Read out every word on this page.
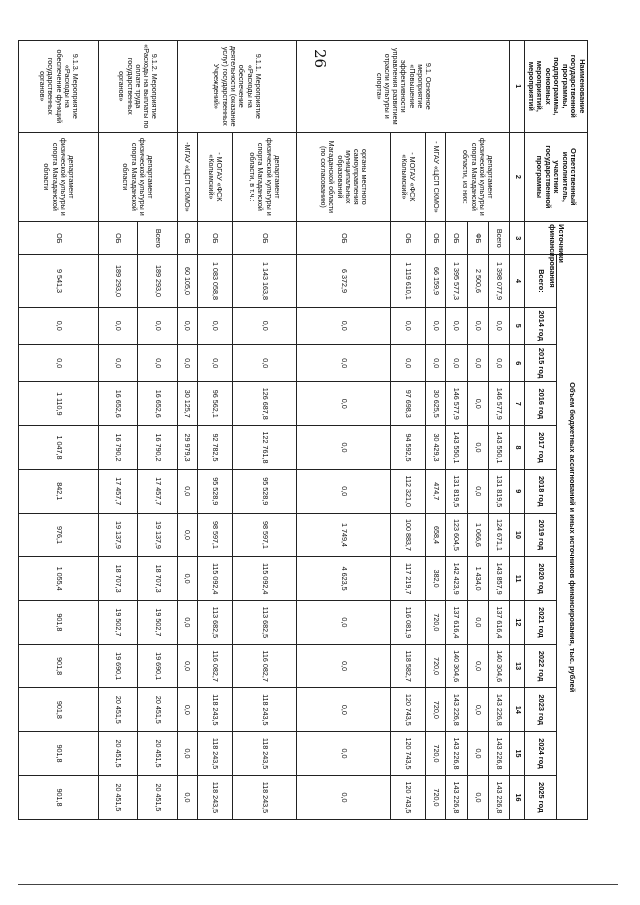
26
Наименование государственной программы, подпрограммы, основных мероприятий, мероприятий	Ответственный исполнитель, участник государственной программы	Источники финансирования	Объем бюджетных ассигнований и иных источников финансирования, тыс. рублей												
			Всего:	2014 год	2015 год	2016 год	2017 год	2018 год	2019 год	2020 год	2021 год	2022 год	2023 год	2024 год	2025 год
1	2	3	4	5	6	7	8	9	10	11	12	13	14	15	16
9.1. Основное мероприятие «Повышение эффективности управления развитием отрасли культуры и спорта»	департамент физической культуры и спорта Магаданской области, из них:	Всего	1 398 077,9	0,0	0,0	146 577,9	143 550,1	131 819,5	124 671,1	143 857,9	137 616,4	140 304,6	143 226,8	143 226,8	143 226,8
		ФБ	2 500,6	0,0	0,0	0,0	0,0	0,0	1 066,6	1 434,0	0,0	0,0	0,0	0,0	0,0
		ОБ	1 395 577,3	0,0	0,0	146 577,9	143 550,1	131 819,5	123 604,5	142 423,9	137 616,4	140 304,6	143 226,8	143 226,8	143 226,8
	- МГАУ «ЦСП СКМО»	ОБ	66 159,9	0,0	0,0	30 625,5	30 429,3	474,7	658,4	382,0	720,0	720,0	720,0	720,0	720,0
	- МОГАУ «ФСК «Колымский»	ОБ	1 119 610,1	0,0	0,0	97 698,3	94 592,5	112 321,0	100 883,7	117 219,7	116 081,9	118 582,7	120 743,5	120 743,5	120 743,5
	органы местного самоуправления муниципальных образований Магаданской области (по согласованию)	ОБ	6 372,9	0,0	0,0	0,0	0,0	0,0	1 749,4	4 623,5	0,0	0,0	0,0	0,0	0,0
9.1.1. Мероприятие «Расходы на обеспечение деятельности (оказание услуг) государственных Учреждений»	департамент физической культуры и спорта Магаданской области, в т.ч.:	ОБ	1 143 163,8	0,0	0,0	126 687,8	122 761,8	95 528,9	98 597,1	115 092,4	113 682,5	116 082,7	118 243,5	118 243,5	118 243,5
	- МОГАУ «ФСК «Колымский»	ОБ	1 083 058,8	0,0	0,0	96 562,1	92 782,5	95 528,9	98 597,1	115 092,4	113 682,5	116 082,7	118 243,5	118 243,5	118 243,5
	-МГАУ «ЦСП СКМО»	ОБ	60 105,0	0,0	0,0	30 125,7	29 979,3	0,0	0,0	0,0	0,0	0,0	0,0	0,0	0,0
9.1.2. Мероприятие «Расходы на выплаты по оплате труда государственных органов»	департамент физической культуры и спорта Магаданской области	Всего	189 293,0	0,0	0,0	16 652,6	16 790,2	17 457,7	19 137,9	18 707,3	19 502,7	19 690,1	20 451,5	20 451,5	20 451,5
		ОБ	189 293,0	0,0	0,0	16 652,6	16 790,2	17 457,7	19 137,9	18 707,3	19 502,7	19 690,1	20 451,5	20 451,5	20 451,5
9.1.3. Мероприятие «Расходы на обеспечение функций государственных органов»	департамент физической культуры и спорта Магаданской области	ОБ	9 541,3	0,0	0,0	1 110,9	1 047,8	842,1	976,1	1 055,4	901,8	901,8	901,8	901,8	901,8
